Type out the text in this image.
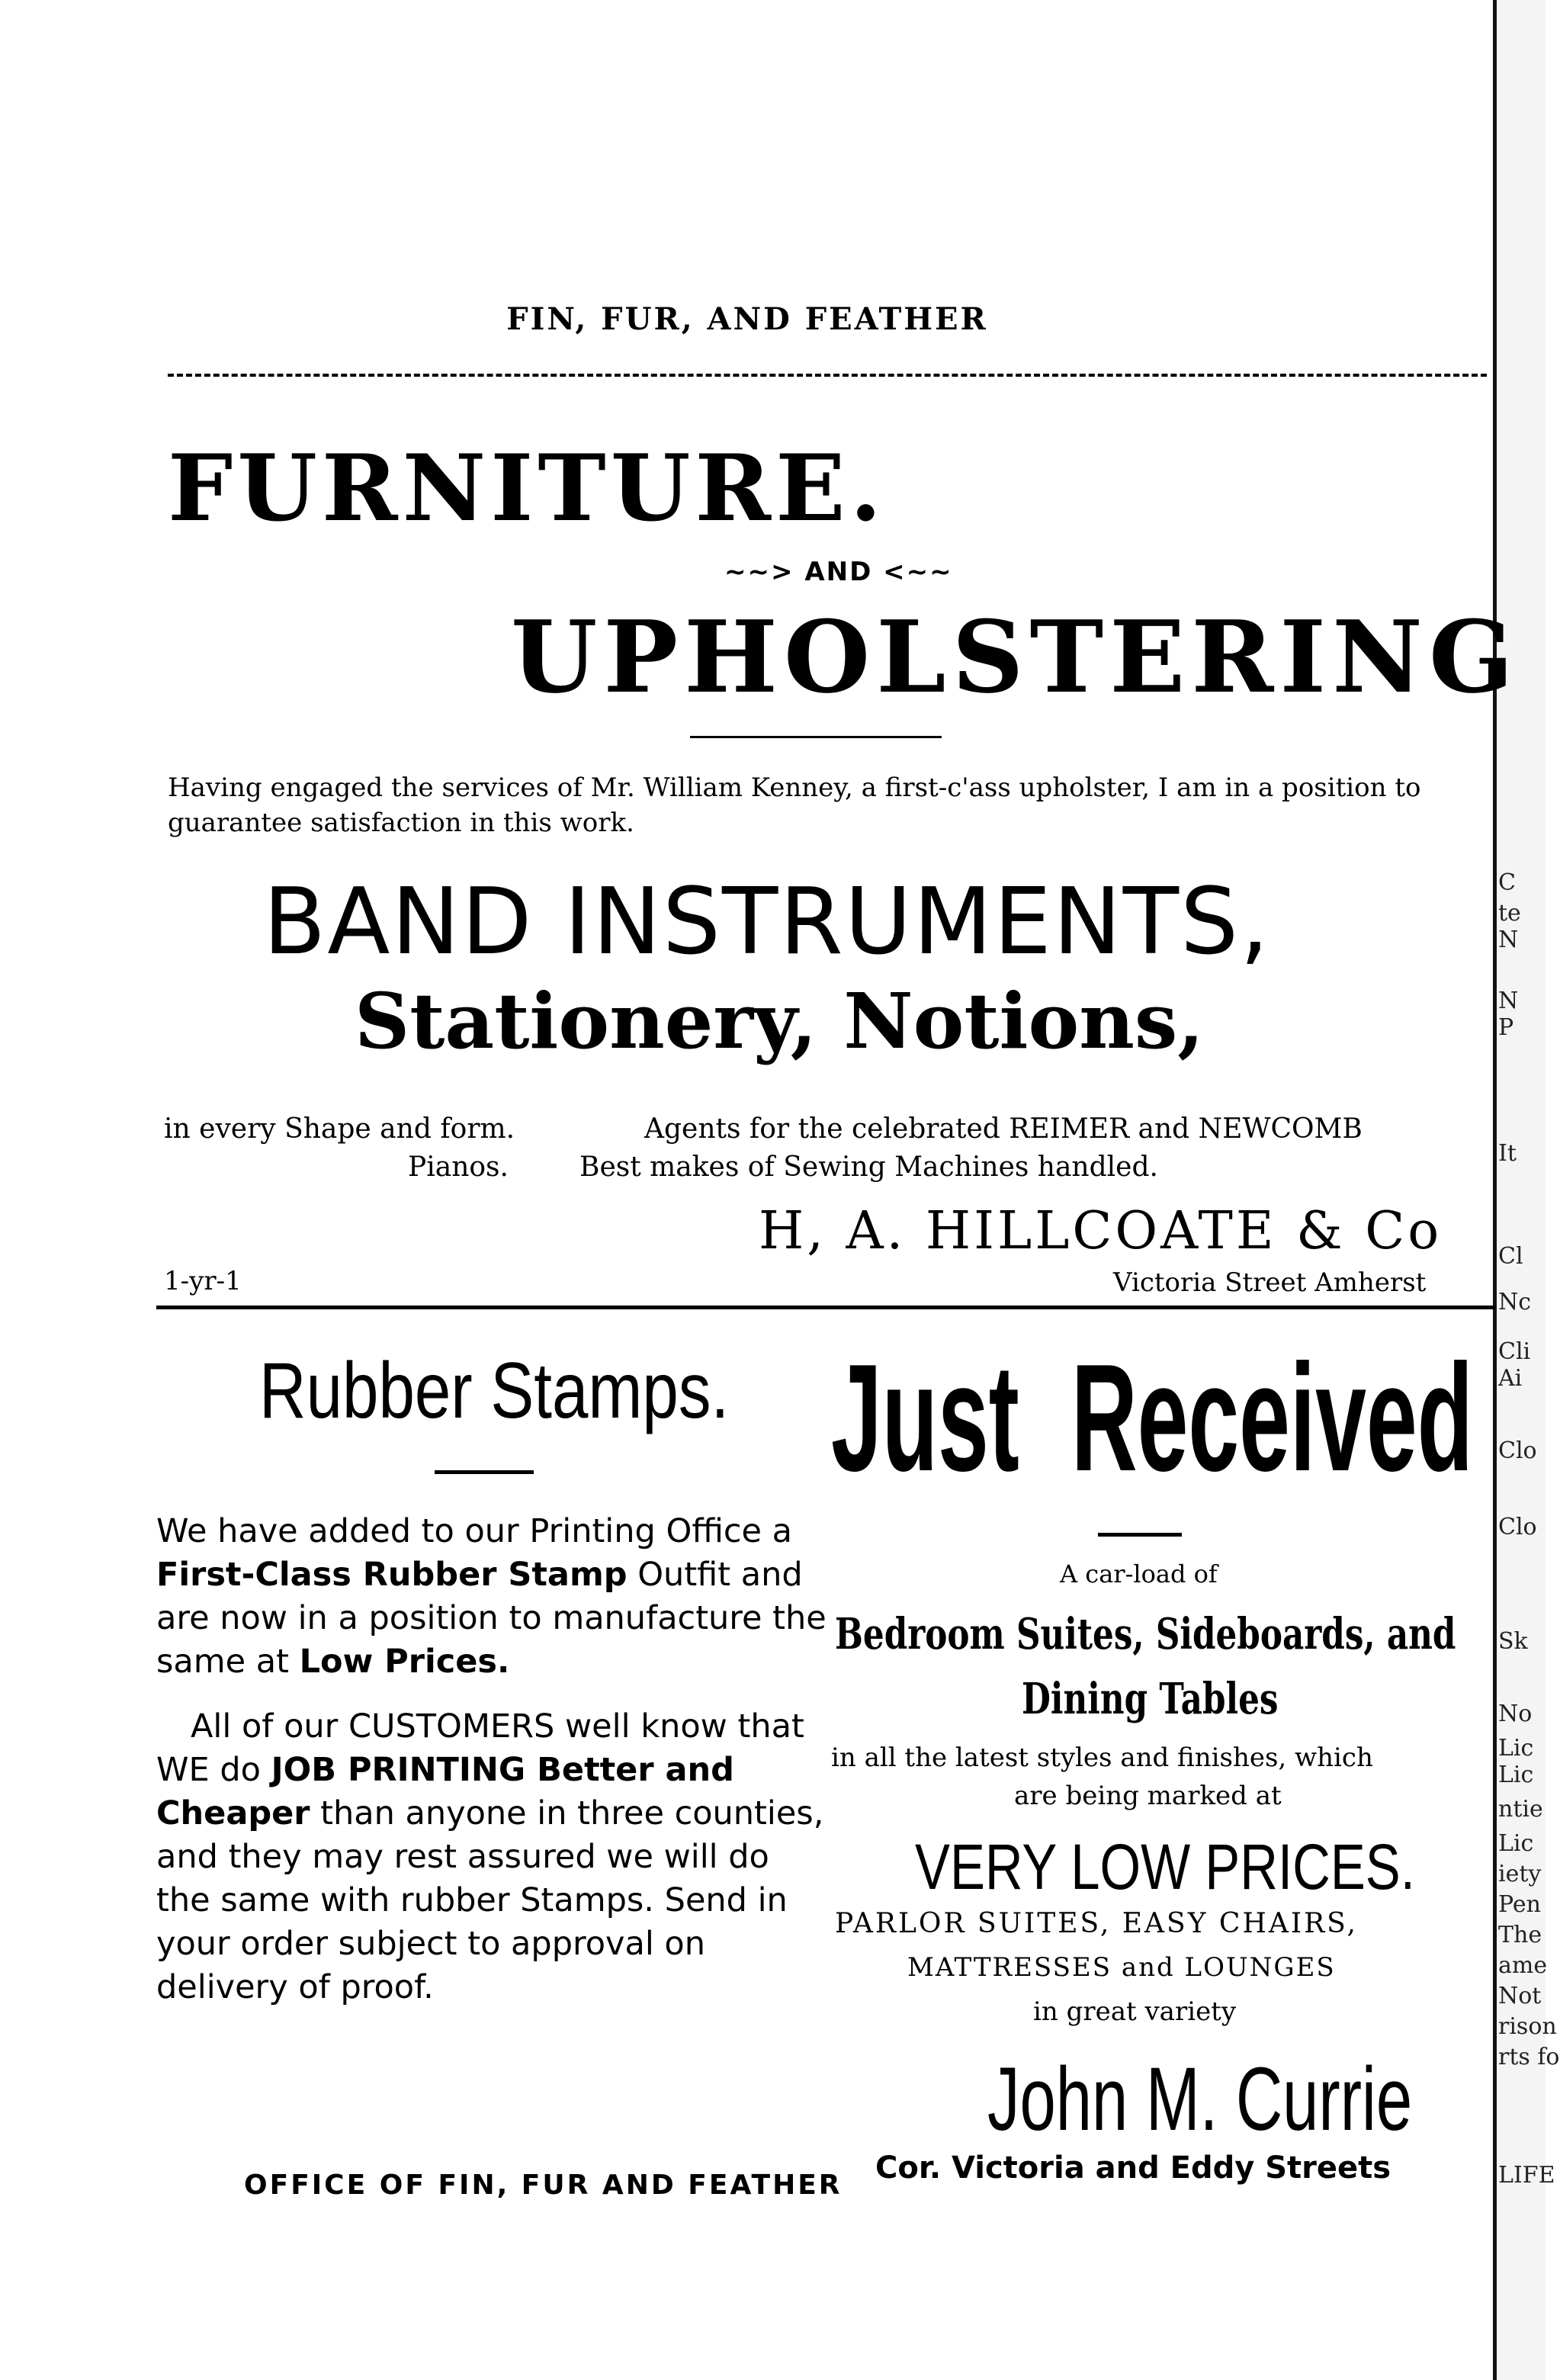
C
te
N
N
P
It
Cl
Nc
Cli
Ai
Clo
Clo
Sk
No
Lic
Lic
ntie
Lic
iety
Pen
The
ame
Not
rison
rts fo
LIFE
FIN, FUR, AND FEATHER
FURNITURE.
~~> AND <~~
UPHOLSTERING
Having engaged the services of Mr. William Kenney, a first-c'ass upholster, I am in a position to guarantee satisfaction in this work.
BAND INSTRUMENTS,
Stationery, Notions,
in every Shape and form.	Agents for the celebrated REIMER and NEWCOMB
Pianos.	Best makes of Sewing Machines handled.
H, A. HILLCOATE & Co
1-yr-1	Victoria Street Amherst
Rubber Stamps.

We have added to our Printing Office a First-Class Rubber Stamp Outfit and are now in a position to manufacture the same at Low Prices.

All of our CUSTOMERS well know that WE do JOB PRINTING Better and Cheaper than anyone in three counties, and they may rest assured we will do the same with rubber Stamps. Send in your order subject to approval on delivery of proof.

OFFICE OF FIN, FUR AND FEATHER
Just Received
A car-load of
Bedroom Suites, Sideboards, and
Dining Tables
in all the latest styles and finishes, which
are being marked at
VERY LOW PRICES.
PARLOR SUITES, EASY CHAIRS,
MATTRESSES and LOUNGES
in great variety
John M. Currie
Cor. Victoria and Eddy Streets
